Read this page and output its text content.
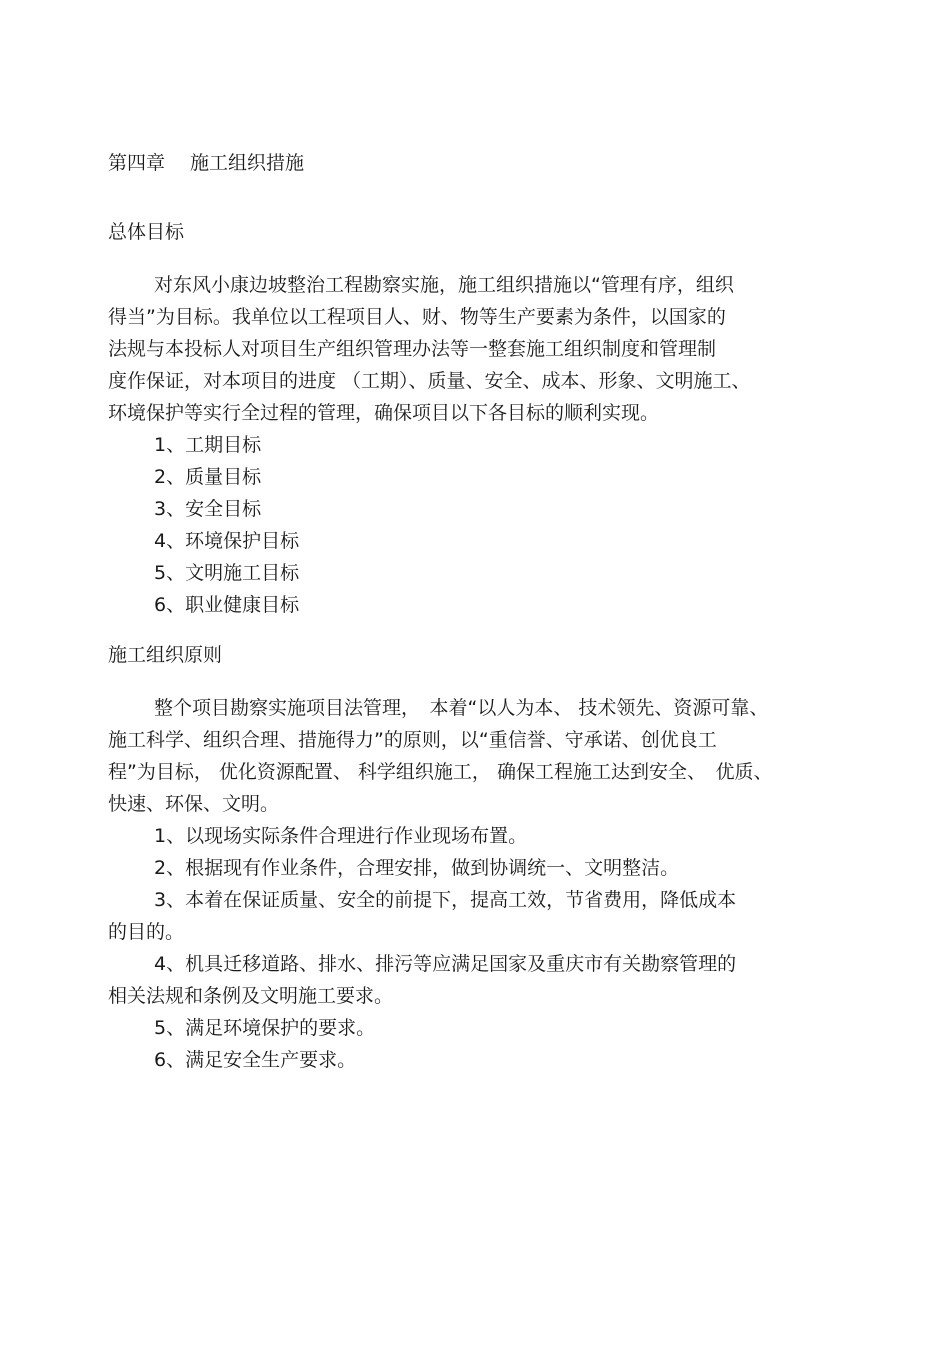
第四章　 施工组织措施
总体目标
对东风小康边坡整治工程勘察实施，施工组织措施以“管理有序，组织
得当”为目标。我单位以工程项目人、财、物等生产要素为条件，以国家的
法规与本投标人对项目生产组织管理办法等一整套施工组织制度和管理制
度作保证，对本项目的进度 （工期）、质量、安全、成本、形象、文明施工、
环境保护等实行全过程的管理，确保项目以下各目标的顺利实现。
1、工期目标
2、质量目标
3、安全目标
4、环境保护目标
5、文明施工目标
6、职业健康目标
施工组织原则
整个项目勘察实施项目法管理，　本着“以人为本、 技术领先、资源可靠、
施工科学、组织合理、措施得力”的原则，以“重信誉、守承诺、创优良工
程”为目标， 优化资源配置、 科学组织施工， 确保工程施工达到安全、　优质、
快速、环保、文明。
1、以现场实际条件合理进行作业现场布置。
2、根据现有作业条件，合理安排，做到协调统一、文明整洁。
3、本着在保证质量、安全的前提下，提高工效，节省费用，降低成本
的目的。
4、机具迁移道路、排水、排污等应满足国家及重庆市有关勘察管理的
相关法规和条例及文明施工要求。
5、满足环境保护的要求。
6、满足安全生产要求。
